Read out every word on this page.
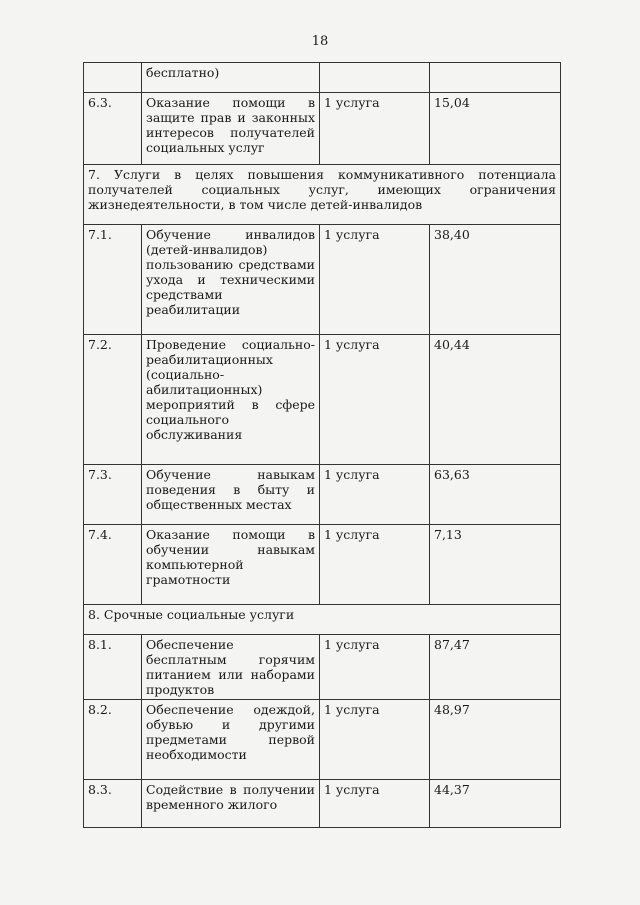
18
	бесплатно)		
6.3.	Оказание помощи в защите прав и законных интересов получателей социальных услуг	1 услуга	15,04
7. Услуги в целях повышения коммуникативного потенциала получателей социальных услуг, имеющих ограничения жизнедеятельности, в том числе детей-инвалидов			
7.1.	Обучение инвалидов (детей-инвалидов) пользованию средствами ухода и техническими средствами реабилитации	1 услуга	38,40
7.2.	Проведение социально-реабилитационных (социально-абилитационных) мероприятий в сфере социального обслуживания	1 услуга	40,44
7.3.	Обучение навыкам поведения в быту и общественных местах	1 услуга	63,63
7.4.	Оказание помощи в обучении навыкам компьютерной грамотности	1 услуга	7,13
8. Срочные социальные услуги			
8.1.	Обеспечение бесплатным горячим питанием или наборами продуктов	1 услуга	87,47
8.2.	Обеспечение одеждой, обувью и другими предметами первой необходимости	1 услуга	48,97
8.3.	Содействие в получении временного жилого	1 услуга	44,37
